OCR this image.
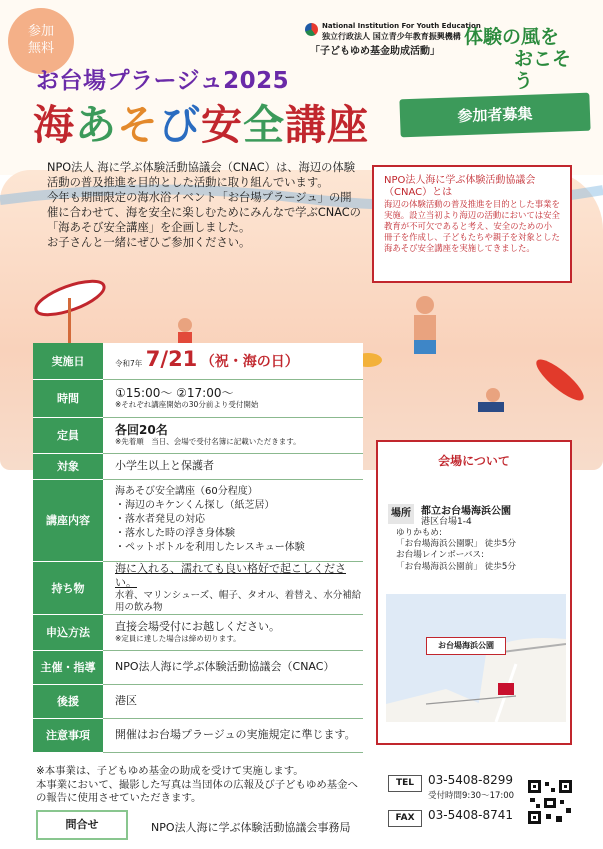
参加
無料
お台場プラージュ2025
海あそび安全講座
National Institution For Youth Education
独立行政法人 国立青少年教育振興機構
「子どもゆめ基金助成活動」
体験の風を
おこそう
参加者募集

NPO法人 海に学ぶ体験活動協議会（CNAC）は、海辺の体験活動の普及推進を目的とした活動に取り組んでいます。

今年も期間限定の海水浴イベント「お台場プラージュ」の開催に合わせて、海を安全に楽しむためにみんなで学ぶCNACの「海あそび安全講座」を企画しました。

お子さんと一緒にぜひご参加ください。

NPO法人海に学ぶ体験活動協議会（CNAC）とは
海辺の体験活動の普及推進を目的とした事業を実施。設立当初より海辺の活動においては安全教育が不可欠であると考え、安全のための小冊子を作成し、子どもたちや親子を対象とした海あそび安全講座を実施してきました。
実施日	令和7年 7/21 （祝・海の日）
時間	①15:00～ ②17:00～
※それぞれ講座開始の30分前より受付開始

定員	各回20名
※先着順　当日、会場で受付名簿に記載いただきます。

対象	小学生以上と保護者
講座内容	海あそび安全講座（60分程度）
・海辺のキケンくん探し（紙芝居）
・落水者発見の対応
・落水した時の浮き身体験
・ペットボトルを利用したレスキュー体験

持ち物	海に入れる、濡れても良い格好で起こしください。
水着、マリンシューズ、帽子、タオル、着替え、水分補給用の飲み物

申込方法	直接会場受付にお越しください。
※定員に達した場合は締め切ります。

主催・指導	NPO法人海に学ぶ体験活動協議会（CNAC）
後援	港区
注意事項	開催はお台場プラージュの実施規定に準じます。
会場について
場所	都立お台場海浜公園
港区台場1-4
ゆりかもめ:
「お台場海浜公園駅」 徒歩5分
お台場レインボーバス:
「お台場海浜公園前」 徒歩5分
お台場海浜公園
※本事業は、子どもゆめ基金の助成を受けて実施します。
本事業において、撮影した写真は当団体の広報及び子どもゆめ基金への報告に使用させていただきます。
問合せ	NPO法人海に学ぶ体験活動協議会事務局
TEL	03-5408-8299
受付時間9:30～17:00
FAX	03-5408-8741
